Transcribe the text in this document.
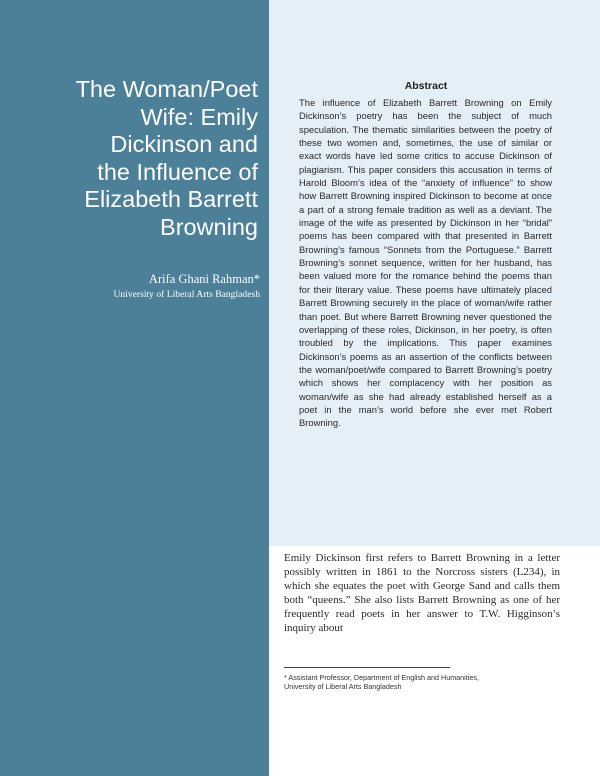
The Woman/Poet
Wife: Emily
Dickinson and
the Influence of
Elizabeth Barrett
Browning
Arifa Ghani Rahman*
University of Liberal Arts Bangladesh
Abstract

The influence of Elizabeth Barrett Browning on Emily Dickinson’s poetry has been the subject of much speculation. The thematic similarities between the poetry of these two women and, sometimes, the use of similar or exact words have led some critics to accuse Dickinson of plagiarism. This paper considers this accusation in terms of Harold Bloom’s idea of the “anxiety of influence” to show how Barrett Browning inspired Dickinson to become at once a part of a strong female tradition as well as a deviant. The image of the wife as presented by Dickinson in her “bridal” poems has been compared with that presented in Barrett Browning’s famous “Sonnets from the Portuguese.” Barrett Browning’s sonnet sequence, written for her husband, has been valued more for the romance behind the poems than for their literary value. These poems have ultimately placed Barrett Browning securely in the place of woman/wife rather than poet. But where Barrett Browning never questioned the overlapping of these roles, Dickinson, in her poetry, is often troubled by the implications. This paper examines Dickinson’s poems as an assertion of the conflicts between the woman/poet/wife compared to Barrett Browning’s poetry which shows her complacency with her position as woman/wife as she had already established herself as a poet in the man’s world before she ever met Robert Browning.

Emily Dickinson first refers to Barrett Browning in a letter possibly written in 1861 to the Norcross sisters (L234), in which she equates the poet with George Sand and calls them both “queens.” She also lists Barrett Browning as one of her frequently read poets in her answer to T.W. Higginson’s inquiry about

* Assistant Professor, Department of English and Humanities,
University of Liberal Arts Bangladesh
